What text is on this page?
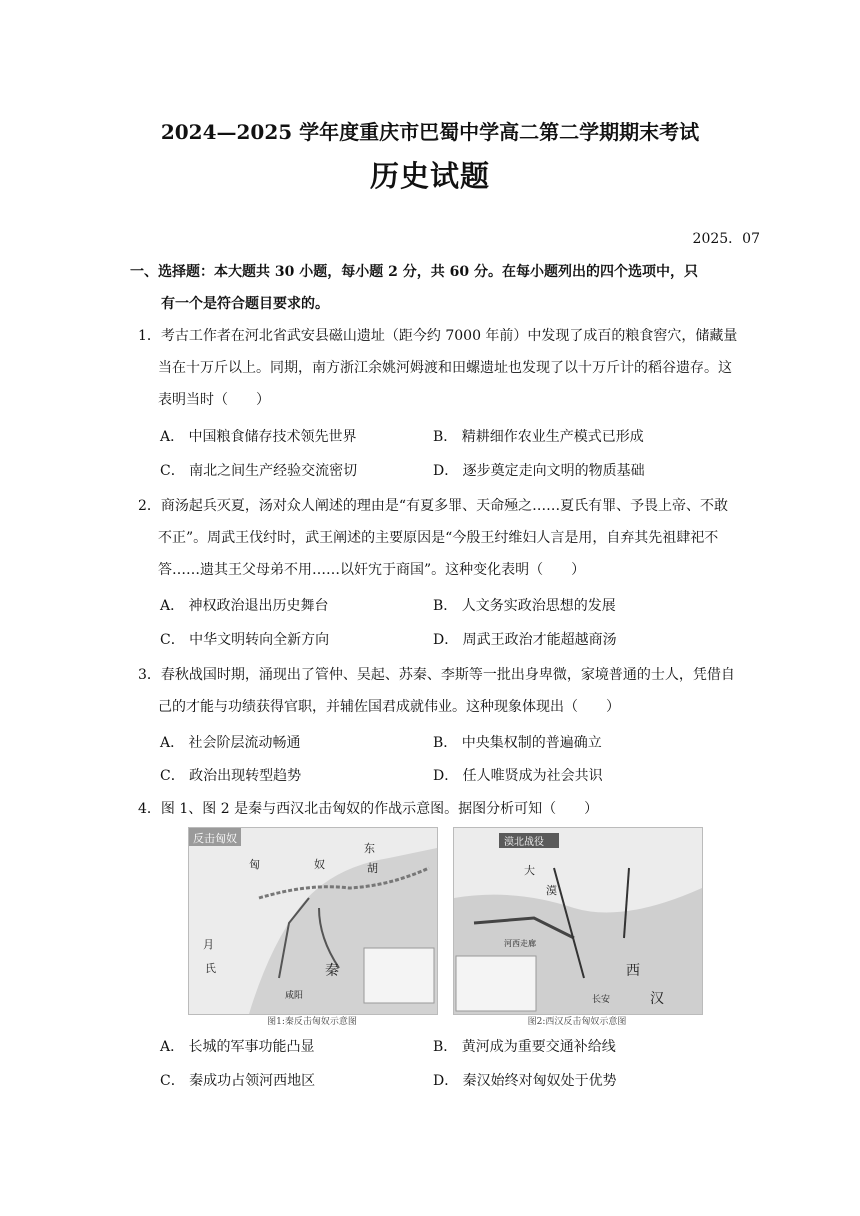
2024—2025 学年度重庆市巴蜀中学高二第二学期期末考试
历史试题
2025．07
一、选择题：本大题共 30 小题，每小题 2 分，共 60 分。在每小题列出的四个选项中，只
有一个是符合题目要求的。
1．考古工作者在河北省武安县磁山遗址（距今约 7000 年前）中发现了成百的粮食窖穴，储藏量当在十万斤以上。同期，南方浙江余姚河姆渡和田螺遗址也发现了以十万斤计的稻谷遗存。这表明当时（　　）
A． 中国粮食储存技术领先世界	B． 精耕细作农业生产模式已形成
C． 南北之间生产经验交流密切	D． 逐步奠定走向文明的物质基础
2．商汤起兵灭夏，汤对众人阐述的理由是“有夏多罪、天命殛之……夏氏有罪、予畏上帝、不敢不正”。周武王伐纣时，武王阐述的主要原因是“今殷王纣维妇人言是用，自弃其先祖肆祀不答……遗其王父母弟不用……以奸宄于商国”。这种变化表明（　　）
A． 神权政治退出历史舞台	B． 人文务实政治思想的发展
C． 中华文明转向全新方向	D． 周武王政治才能超越商汤
3．春秋战国时期，涌现出了管仲、吴起、苏秦、李斯等一批出身卑微，家境普通的士人，凭借自己的才能与功绩获得官职，并辅佐国君成就伟业。这种现象体现出（　　）
A． 社会阶层流动畅通	B． 中央集权制的普遍确立
C． 政治出现转型趋势	D． 任人唯贤成为社会共识
4．图 1、图 2 是秦与西汉北击匈奴的作战示意图。据图分析可知（　　）
反击匈奴
匈	奴
东
胡
月
氏	秦
咸阳
图1:秦反击匈奴示意图
漠北战役
大
漠
河西走廊
西
汉
长安
图2:西汉反击匈奴示意图
A． 长城的军事功能凸显	B． 黄河成为重要交通补给线
C． 秦成功占领河西地区	D． 秦汉始终对匈奴处于优势
